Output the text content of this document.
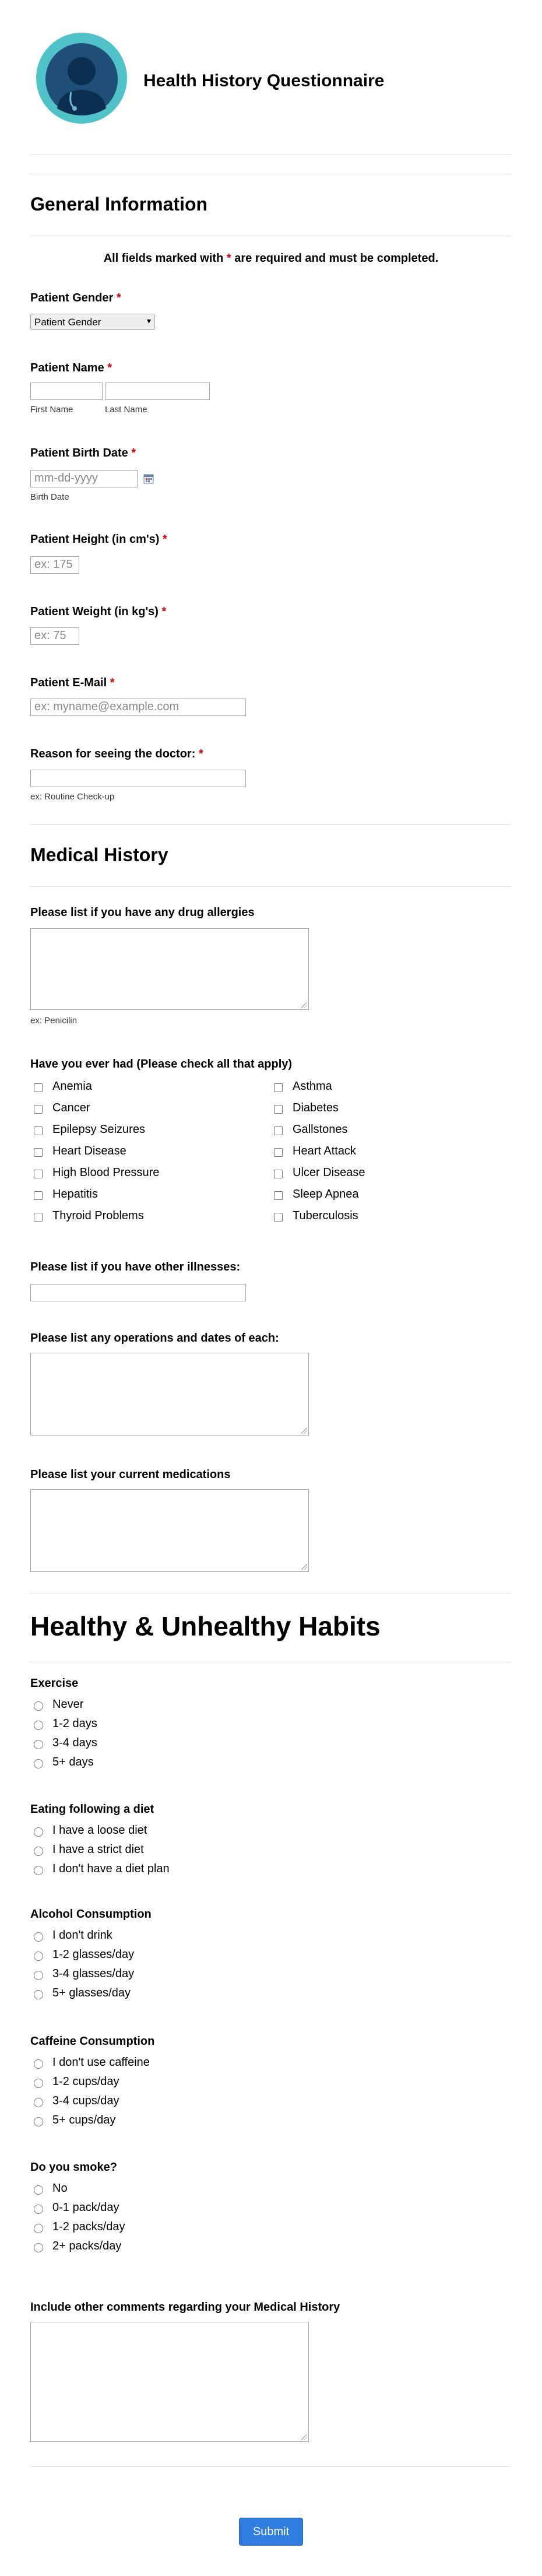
Health History Questionnaire
General Information
All fields marked with * are required and must be completed.
Patient Gender *
Patient Gender	▾
Patient Name *
First Name	Last Name
Patient Birth Date *
mm-dd-yyyy
Birth Date
Patient Height (in cm's) *
ex: 175
Patient Weight (in kg's) *
ex: 75
Patient E-Mail *
ex: myname@example.com
Reason for seeing the doctor: *
ex: Routine Check-up
Medical History
Please list if you have any drug allergies
ex: Penicilin
Have you ever had (Please check all that apply)
Anemia
Cancer
Epilepsy Seizures
Heart Disease
High Blood Pressure
Hepatitis
Thyroid Problems
Asthma
Diabetes
Gallstones
Heart Attack
Ulcer Disease
Sleep Apnea
Tuberculosis
Please list if you have other illnesses:
Please list any operations and dates of each:
Please list your current medications
Healthy & Unhealthy Habits
Exercise
Never
1-2 days
3-4 days
5+ days
Eating following a diet
I have a loose diet
I have a strict diet
I don't have a diet plan
Alcohol Consumption
I don't drink
1-2 glasses/day
3-4 glasses/day
5+ glasses/day
Caffeine Consumption
I don't use caffeine
1-2 cups/day
3-4 cups/day
5+ cups/day
Do you smoke?
No
0-1 pack/day
1-2 packs/day
2+ packs/day
Include other comments regarding your Medical History
Submit
